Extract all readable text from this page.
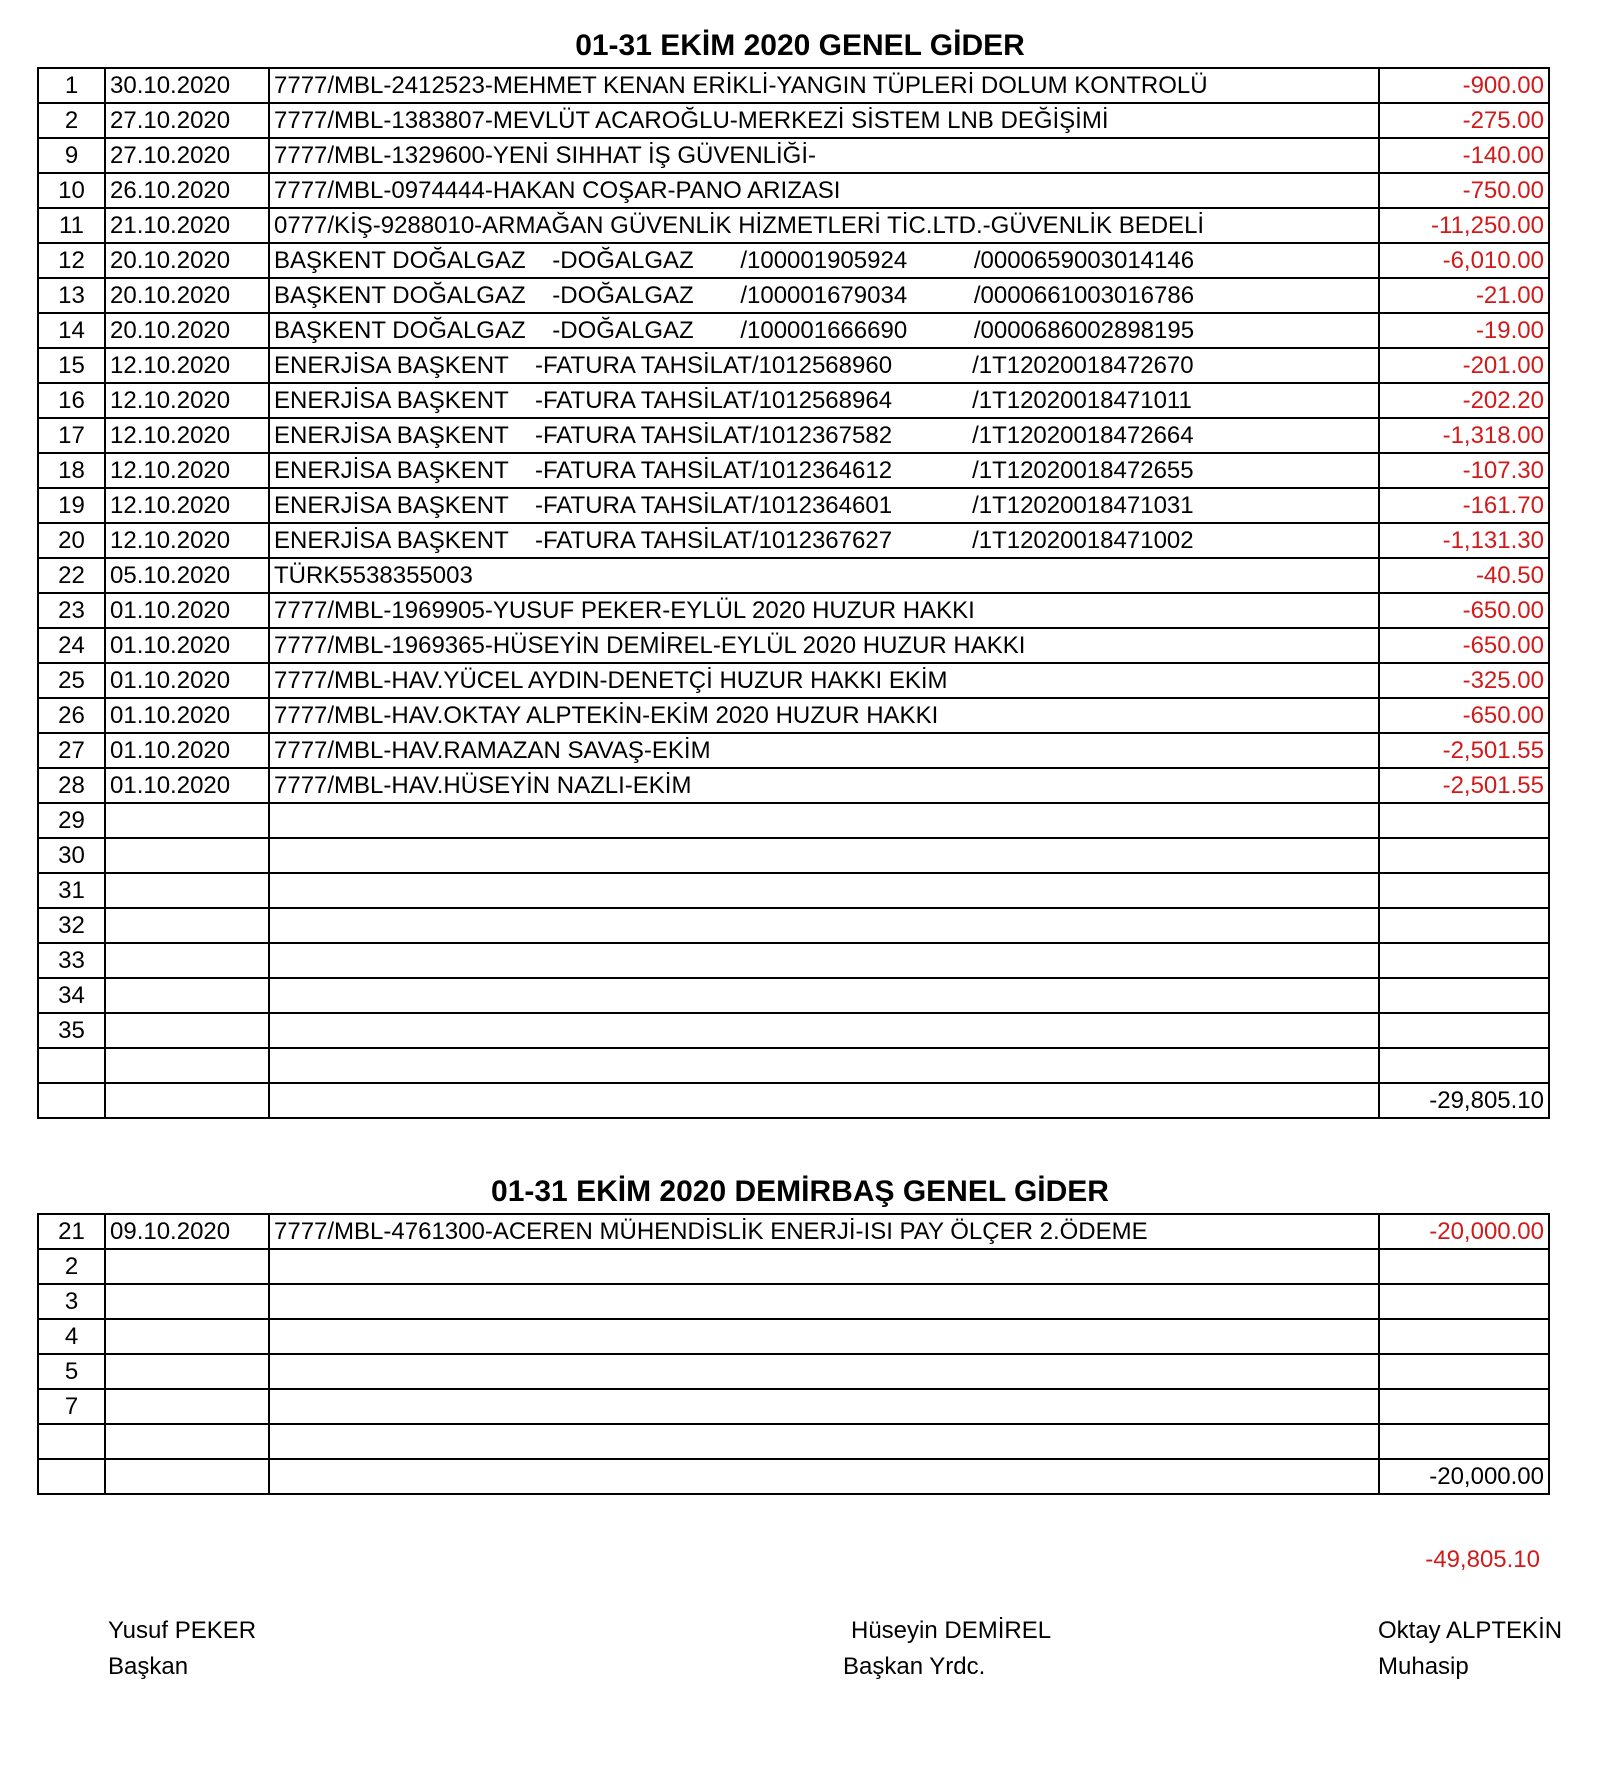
01-31 EKİM 2020 GENEL GİDER
1	30.10.2020	7777/MBL-2412523-MEHMET KENAN ERİKLİ-YANGIN TÜPLERİ DOLUM KONTROLÜ	-900.00
2	27.10.2020	7777/MBL-1383807-MEVLÜT ACAROĞLU-MERKEZİ SİSTEM LNB DEĞİŞİMİ	-275.00
9	27.10.2020	7777/MBL-1329600-YENİ SIHHAT İŞ GÜVENLİĞİ-	-140.00
10	26.10.2020	7777/MBL-0974444-HAKAN COŞAR-PANO ARIZASI	-750.00
11	21.10.2020	0777/KİŞ-9288010-ARMAĞAN GÜVENLİK HİZMETLERİ TİC.LTD.-GÜVENLİK BEDELİ	-11,250.00
12	20.10.2020	BAŞKENT DOĞALGAZ    -DOĞALGAZ       /100001905924          /0000659003014146	-6,010.00
13	20.10.2020	BAŞKENT DOĞALGAZ    -DOĞALGAZ       /100001679034          /0000661003016786	-21.00
14	20.10.2020	BAŞKENT DOĞALGAZ    -DOĞALGAZ       /100001666690          /0000686002898195	-19.00
15	12.10.2020	ENERJİSA BAŞKENT    -FATURA TAHSİLAT/1012568960            /1T12020018472670	-201.00
16	12.10.2020	ENERJİSA BAŞKENT    -FATURA TAHSİLAT/1012568964            /1T12020018471011	-202.20
17	12.10.2020	ENERJİSA BAŞKENT    -FATURA TAHSİLAT/1012367582            /1T12020018472664	-1,318.00
18	12.10.2020	ENERJİSA BAŞKENT    -FATURA TAHSİLAT/1012364612            /1T12020018472655	-107.30
19	12.10.2020	ENERJİSA BAŞKENT    -FATURA TAHSİLAT/1012364601            /1T12020018471031	-161.70
20	12.10.2020	ENERJİSA BAŞKENT    -FATURA TAHSİLAT/1012367627            /1T12020018471002	-1,131.30
22	05.10.2020	TÜRK5538355003	-40.50
23	01.10.2020	7777/MBL-1969905-YUSUF PEKER-EYLÜL 2020 HUZUR HAKKI	-650.00
24	01.10.2020	7777/MBL-1969365-HÜSEYİN DEMİREL-EYLÜL 2020 HUZUR HAKKI	-650.00
25	01.10.2020	7777/MBL-HAV.YÜCEL AYDIN-DENETÇİ HUZUR HAKKI EKİM	-325.00
26	01.10.2020	7777/MBL-HAV.OKTAY ALPTEKİN-EKİM 2020 HUZUR HAKKI	-650.00
27	01.10.2020	7777/MBL-HAV.RAMAZAN SAVAŞ-EKİM	-2,501.55
28	01.10.2020	7777/MBL-HAV.HÜSEYİN NAZLI-EKİM	-2,501.55
29			
30			
31			
32			
33			
34			
35			

			-29,805.10
01-31 EKİM 2020 DEMİRBAŞ GENEL GİDER
21	09.10.2020	7777/MBL-4761300-ACEREN MÜHENDİSLİK ENERJİ-ISI PAY ÖLÇER 2.ÖDEME	-20,000.00
2			
3			
4			
5			
7			

			-20,000.00
-49,805.10
Yusuf PEKER
Başkan
Hüseyin DEMİREL
Başkan Yrdc.
Oktay ALPTEKİN
Muhasip
